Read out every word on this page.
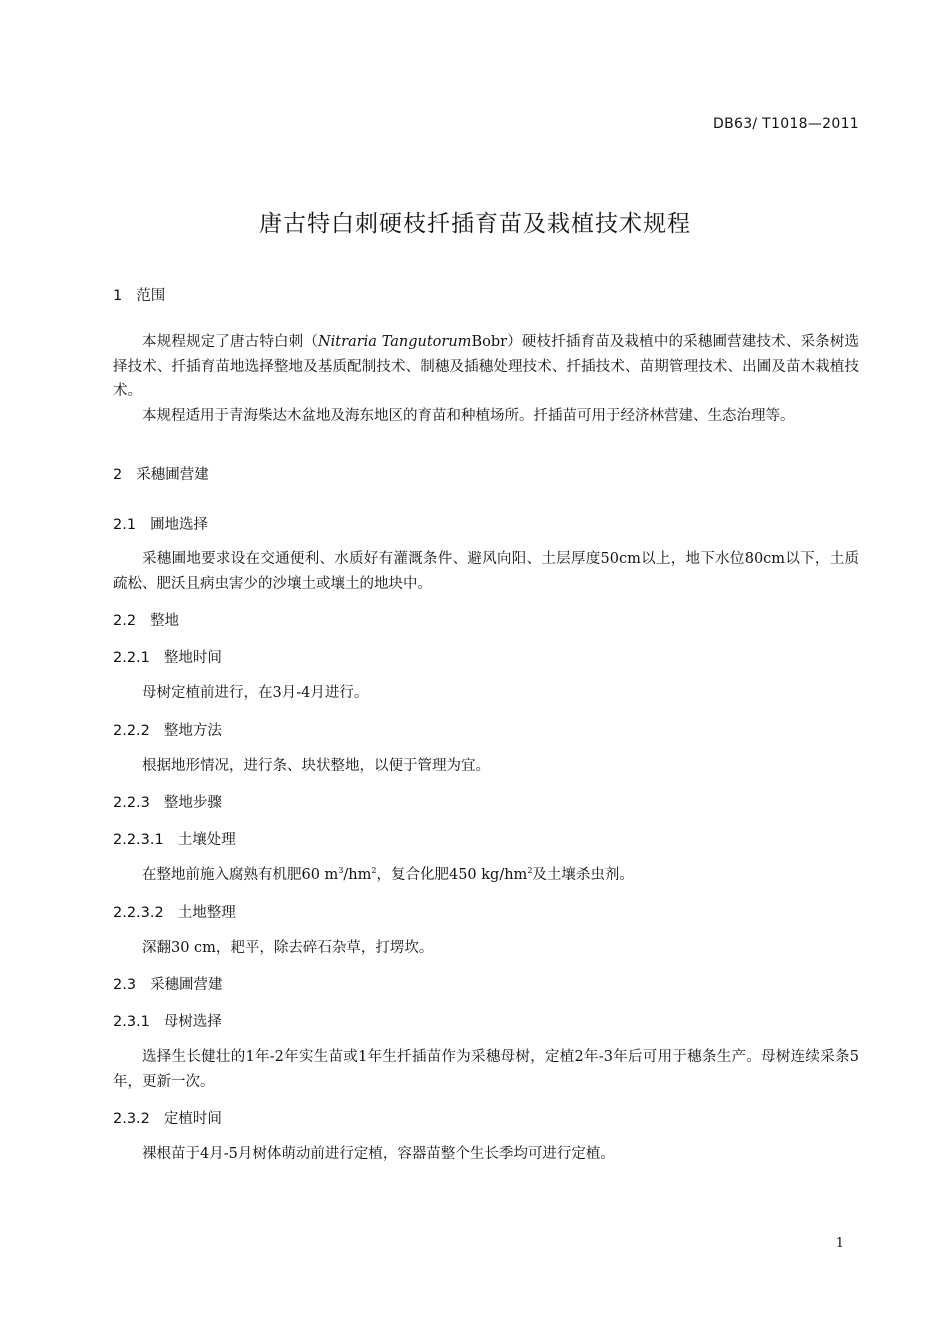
DB63/ T1018—2011
唐古特白刺硬枝扦插育苗及栽植技术规程
1 范围

本规程规定了唐古特白刺（Nitraria TangutorumBobr）硬枝扦插育苗及栽植中的采穗圃营建技术、采条树选择技术、扦插育苗地选择整地及基质配制技术、制穗及插穗处理技术、扦插技术、苗期管理技术、出圃及苗木栽植技术。

本规程适用于青海柴达木盆地及海东地区的育苗和种植场所。扦插苗可用于经济林营建、生态治理等。

2 采穗圃营建
2.1 圃地选择

采穗圃地要求设在交通便利、水质好有灌溉条件、避风向阳、土层厚度50cm以上，地下水位80cm以下，土质疏松、肥沃且病虫害少的沙壤土或壤土的地块中。

2.2 整地
2.2.1 整地时间

母树定植前进行，在3月-4月进行。

2.2.2 整地方法

根据地形情况，进行条、块状整地，以便于管理为宜。

2.2.3 整地步骤
2.2.3.1 土壤处理

在整地前施入腐熟有机肥60 $m^3/hm^2$，复合化肥450 $kg/hm^2$及土壤杀虫剂。

2.2.3.2 土地整理

深翻30 cm，耙平，除去碎石杂草，打塄坎。

2.3 采穗圃营建
2.3.1 母树选择

选择生长健壮的1年-2年实生苗或1年生扦插苗作为采穗母树，定植2年-3年后可用于穗条生产。母树连续采条5年，更新一次。

2.3.2 定植时间

裸根苗于4月-5月树体萌动前进行定植，容器苗整个生长季均可进行定植。

1
